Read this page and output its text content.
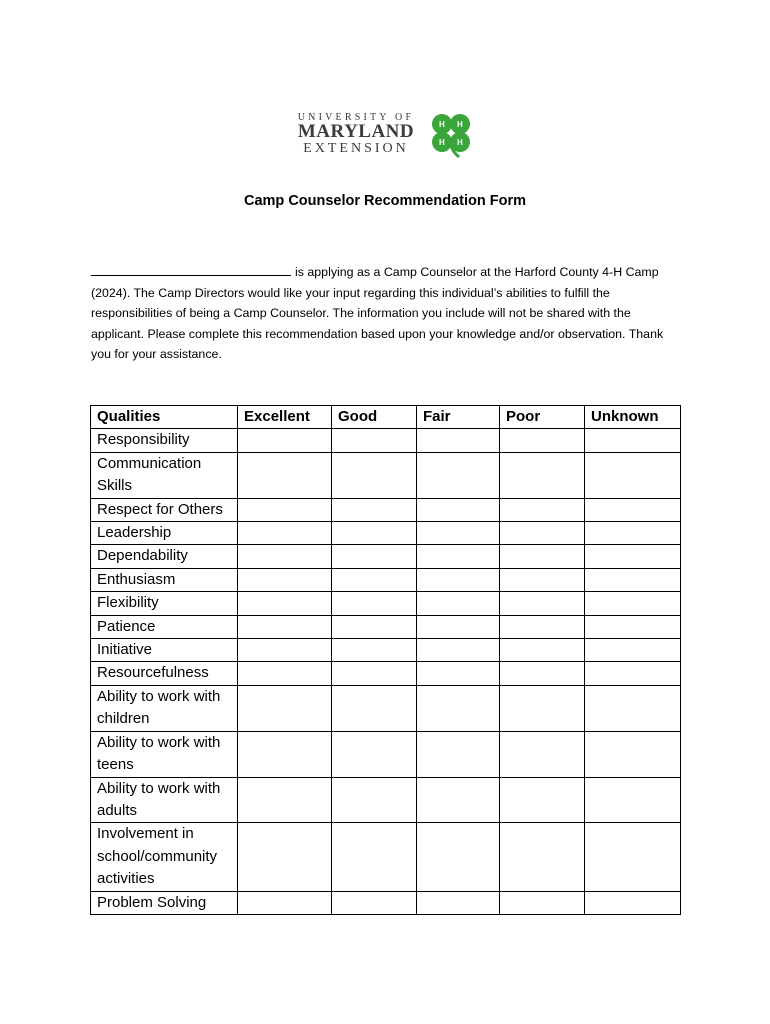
UNIVERSITY OF
MARYLAND
EXTENSION
H H
H H
Camp Counselor Recommendation Form

is applying as a Camp Counselor at the Harford County 4-H Camp (2024). The Camp Directors would like your input regarding this individual’s abilities to fulfill the responsibilities of being a Camp Counselor. The information you include will not be shared with the applicant. Please complete this recommendation based upon your knowledge and/or observation. Thank you for your assistance.

Qualities	Excellent	Good	Fair	Poor	Unknown
Responsibility					
Communication Skills					
Respect for Others					
Leadership					
Dependability					
Enthusiasm					
Flexibility					
Patience					
Initiative					
Resourcefulness					
Ability to work with children					
Ability to work with teens					
Ability to work with adults					
Involvement in school/community activities					
Problem Solving					
